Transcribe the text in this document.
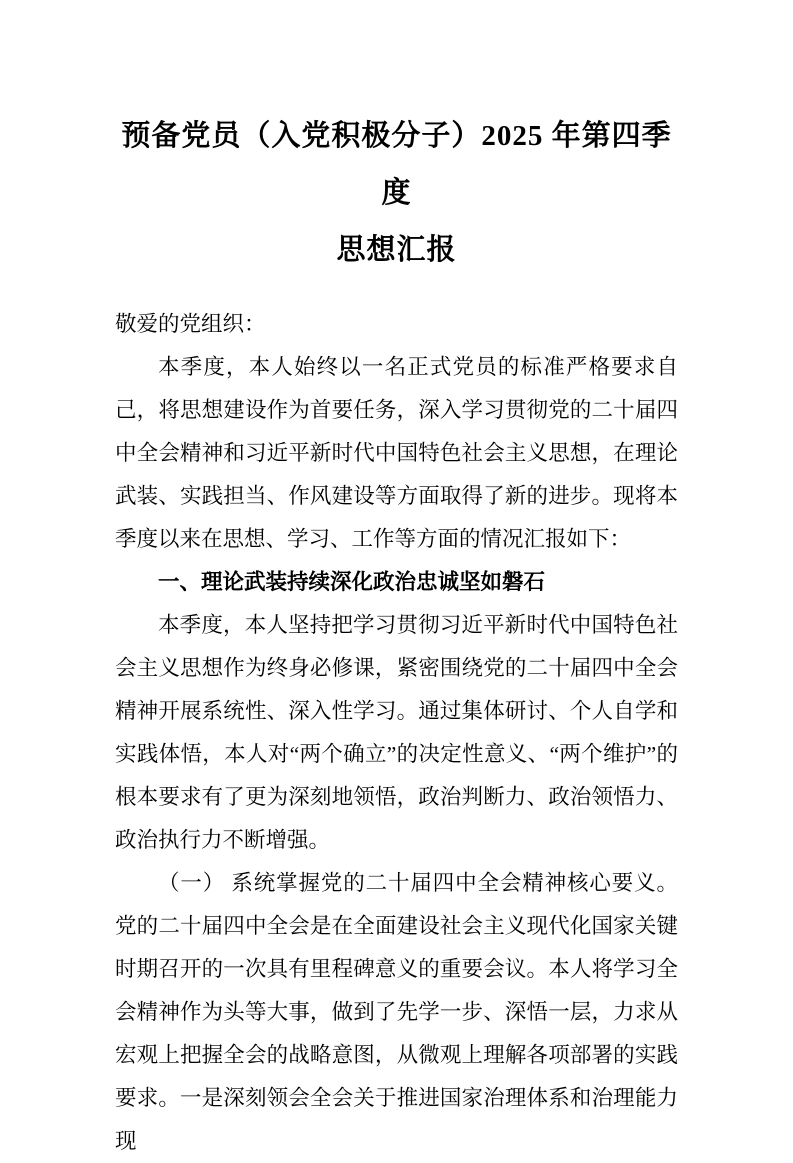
预备党员（入党积极分子）2025 年第四季度
思想汇报

敬爱的党组织：

本季度，本人始终以一名正式党员的标准严格要求自己，将思想建设作为首要任务，深入学习贯彻党的二十届四中全会精神和习近平新时代中国特色社会主义思想，在理论武装、实践担当、作风建设等方面取得了新的进步。现将本季度以来在思想、学习、工作等方面的情况汇报如下：

一、理论武装持续深化政治忠诚坚如磐石

本季度，本人坚持把学习贯彻习近平新时代中国特色社会主义思想作为终身必修课，紧密围绕党的二十届四中全会精神开展系统性、深入性学习。通过集体研讨、个人自学和实践体悟，本人对“两个确立”的决定性意义、“两个维护”的根本要求有了更为深刻地领悟，政治判断力、政治领悟力、政治执行力不断增强。

（一） 系统掌握党的二十届四中全会精神核心要义。党的二十届四中全会是在全面建设社会主义现代化国家关键时期召开的一次具有里程碑意义的重要会议。本人将学习全会精神作为头等大事，做到了先学一步、深悟一层，力求从宏观上把握全会的战略意图，从微观上理解各项部署的实践要求。一是深刻领会全会关于推进国家治理体系和治理能力现
